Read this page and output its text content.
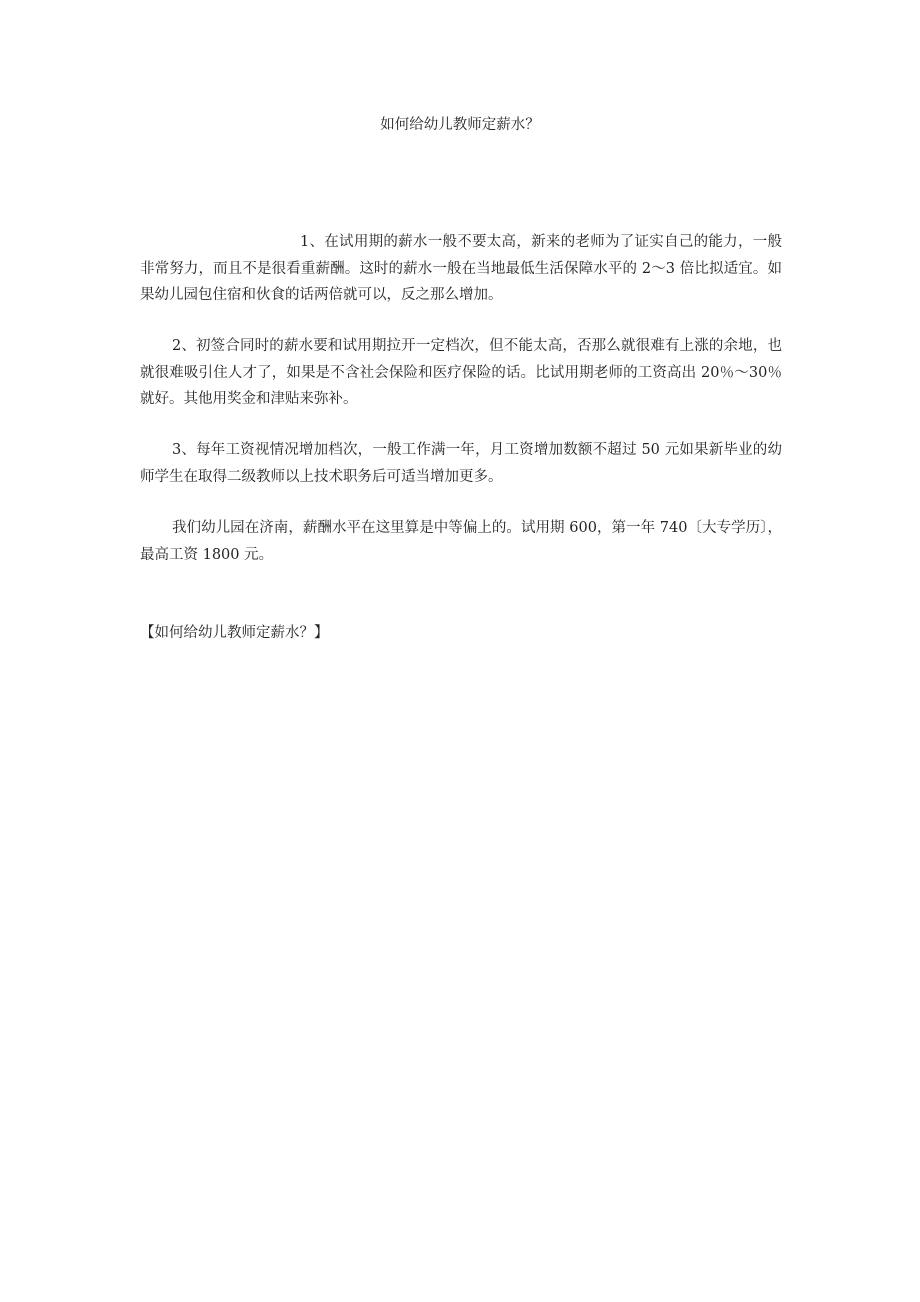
如何给幼儿教师定薪水？

1、在试用期的薪水一般不要太高，新来的老师为了证实自己的能力，一般非常努力，而且不是很看重薪酬。这时的薪水一般在当地最低生活保障水平的 2～3 倍比拟适宜。如果幼儿园包住宿和伙食的话两倍就可以，反之那么增加。

2、初签合同时的薪水要和试用期拉开一定档次，但不能太高，否那么就很难有上涨的余地，也就很难吸引住人才了，如果是不含社会保险和医疗保险的话。比试用期老师的工资高出 20％～30％就好。其他用奖金和津贴来弥补。

3、每年工资视情况增加档次，一般工作满一年，月工资增加数额不超过 50 元如果新毕业的幼师学生在取得二级教师以上技术职务后可适当增加更多。

我们幼儿园在济南，薪酬水平在这里算是中等偏上的。试用期 600，第一年 740〔大专学历〕，最高工资 1800 元。

【如何给幼儿教师定薪水？】
